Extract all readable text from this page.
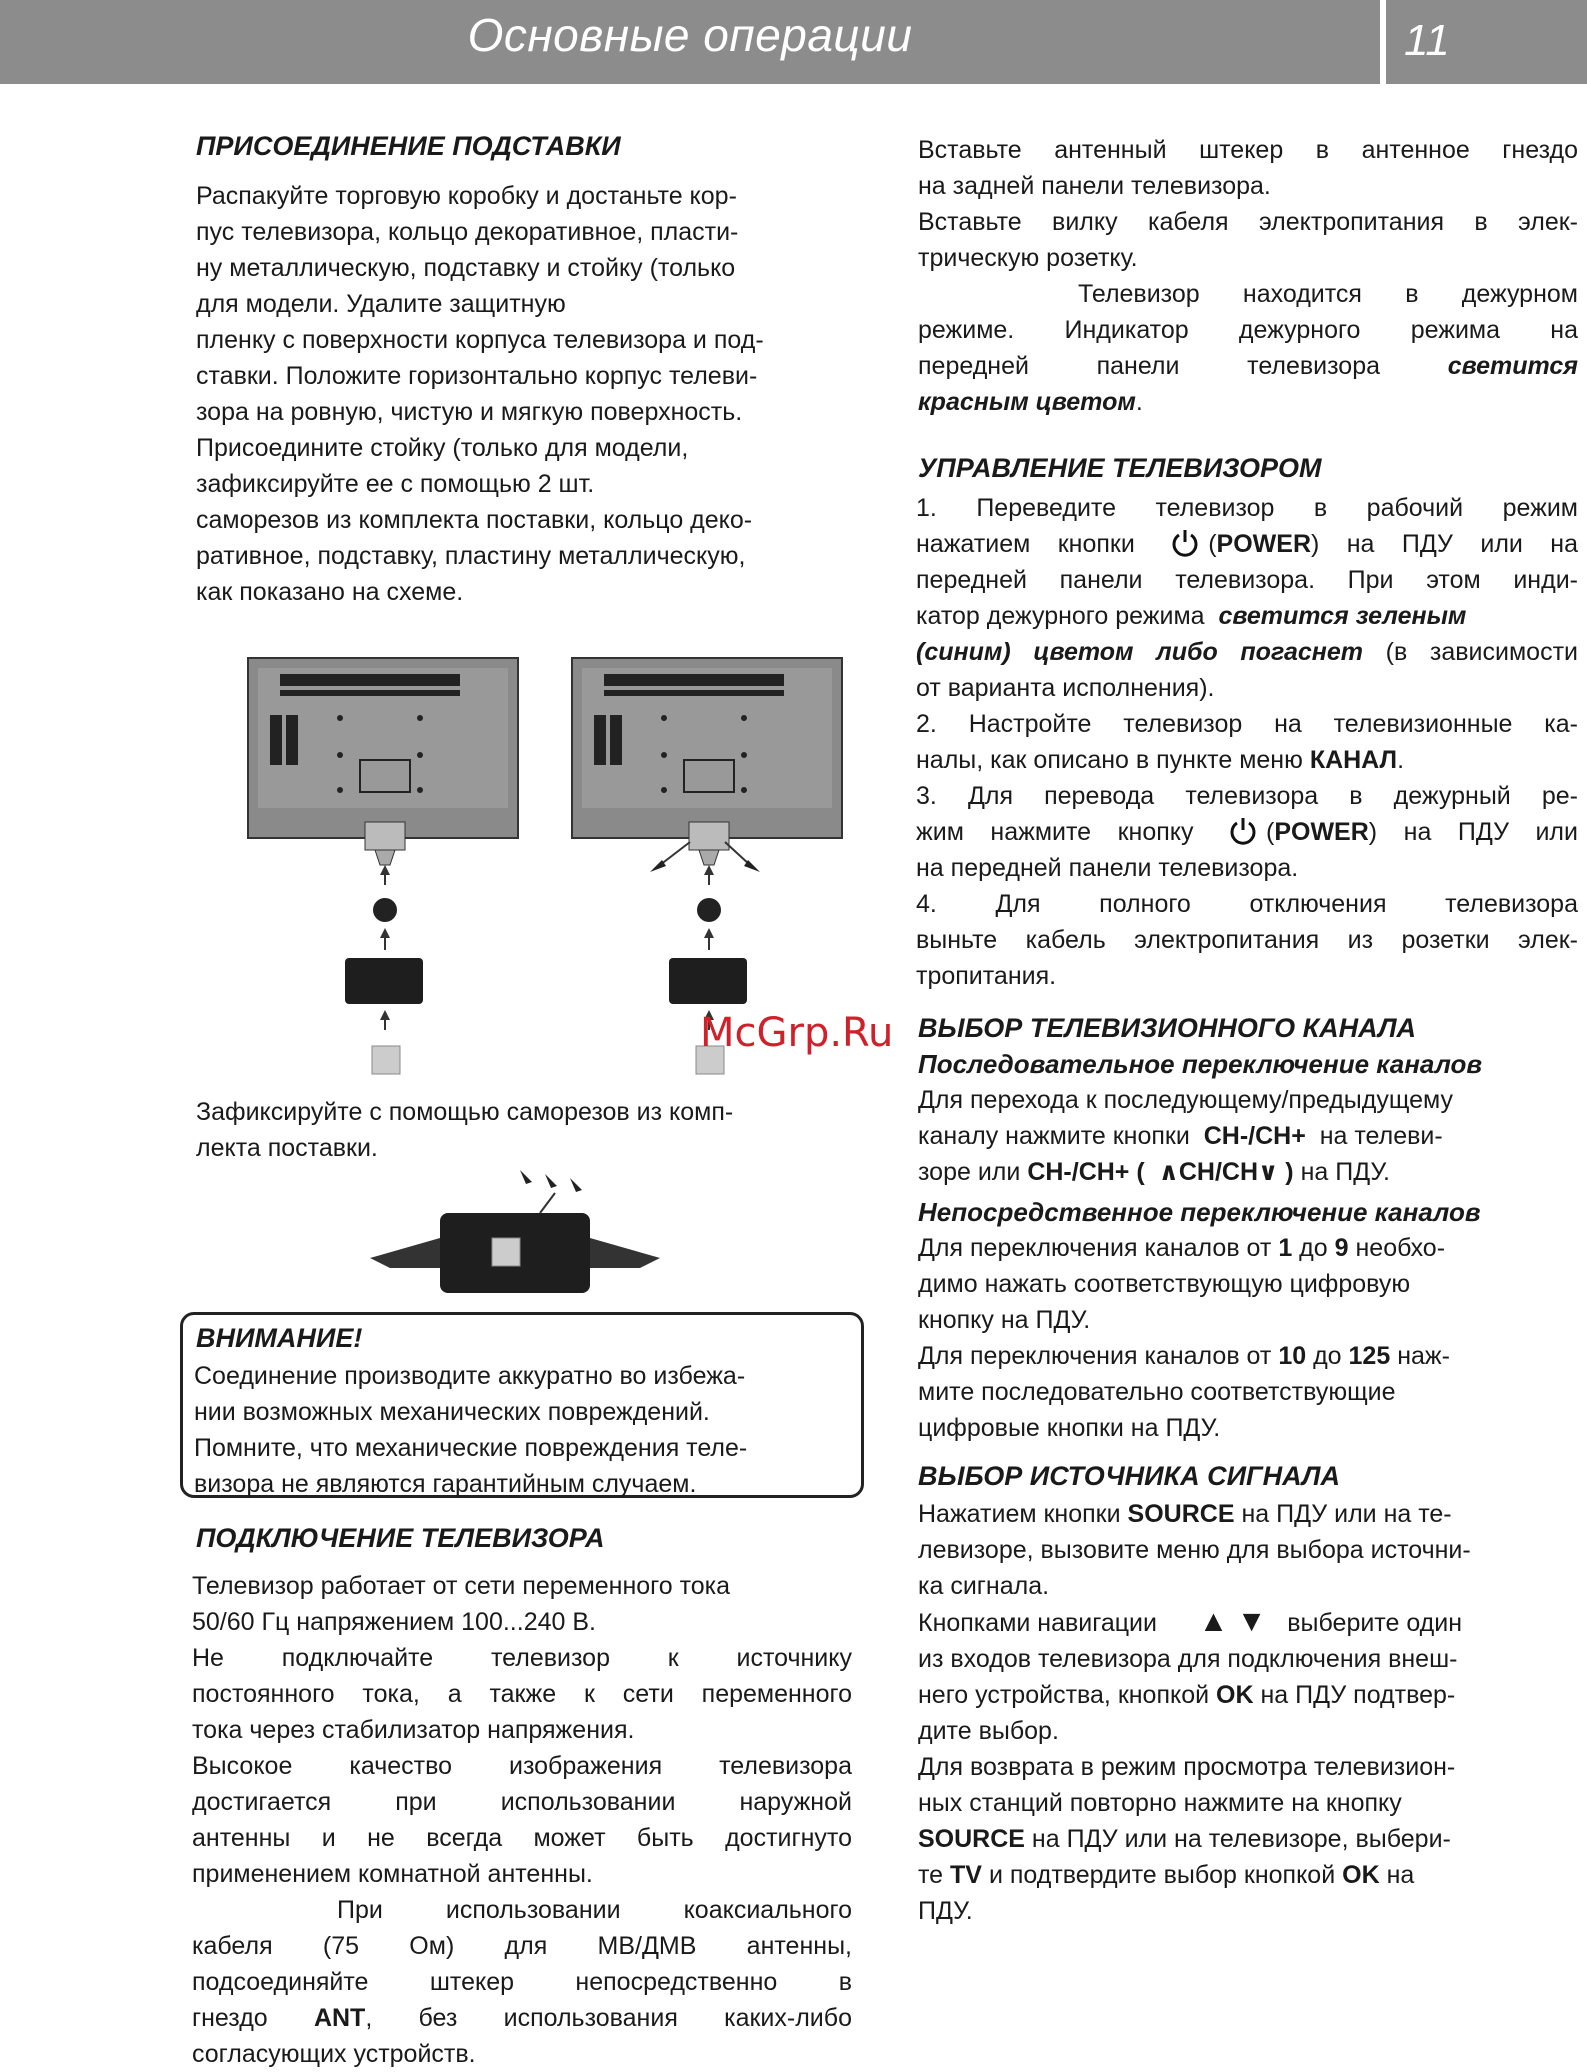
Основные операции	11
ПРИСОЕДИНЕНИЕ ПОДСТАВКИ

Распакуйте торговую коробку и достаньте кор-

пус телевизора, кольцо декоративное, пласти-

ну металлическую, подставку и стойку (только

для модели. Удалите защитную

пленку с поверхности корпуса телевизора и под-

ставки. Положите горизонтально корпус телеви-

зора на ровную, чистую и мягкую поверхность.

Присоедините стойку (только для модели,

зафиксируйте ее с помощью 2 шт.

саморезов из комплекта поставки, кольцо деко-

ративное, подставку, пластину металлическую,

как показано на схеме.

McGrp.Ru

Зафиксируйте с помощью саморезов из комп-

лекта поставки.

ВНИМАНИЕ!

Соединение производите аккуратно во избежа-

нии возможных механических повреждений.

Помните, что механические повреждения теле-

визора не являются гарантийным случаем.

ПОДКЛЮЧЕНИЕ ТЕЛЕВИЗОРА

Телевизор работает от сети переменного тока

50/60 Гц напряжением 100...240 В.

Не подключайте телевизор к источнику

постоянного тока, а также к сети переменного

тока через стабилизатор напряжения.

Высокое качество изображения телевизора

достигается при использовании наружной

антенны и не всегда может быть достигнуто

применением комнатной антенны.

При использовании коаксиального

кабеля (75 Ом) для МВ/ДМВ антенны,

подсоединяйте штекер непосредственно в

гнездо ANT, без использования каких-либо

согласующих устройств.

Вставьте антенный штекер в антенное гнездо

на задней панели телевизора.

Вставьте вилку кабеля электропитания в элек-

трическую розетку.

Телевизор находится в дежурном

режиме. Индикатор дежурного режима на

передней панели телевизора	светится

красным цветом.

УПРАВЛЕНИЕ ТЕЛЕВИЗОРОМ

1. Переведите телевизор в рабочий режим

нажатием кнопки	(POWER) на ПДУ или на

передней панели телевизора. При этом инди-

катор дежурного режима светится зеленым

(синим) цветом либо погаснет (в зависимости

от варианта исполнения).

2. Настройте телевизор на телевизионные ка-

налы, как описано в пункте меню КАНАЛ.

3. Для перевода телевизора в дежурный ре-

жим нажмите кнопку	(POWER) на ПДУ или

на передней панели телевизора.

4. Для полного отключения телевизора

выньте кабель электропитания из розетки элек-

тропитания.

ВЫБОР ТЕЛЕВИЗИОННОГО КАНАЛА

Последовательное переключение каналов

Для перехода к последующему/предыдущему

каналу нажмите кнопки CH-/CH+ на телеви-

зоре или CH-/CH+ ( ∧CH/CH∨ ) на ПДУ.

Непосредственное переключение каналов

Для переключения каналов от 1 до 9 необхо-

димо нажать соответствующую цифровую

кнопку на ПДУ.

Для переключения каналов от 10 до 125 наж-

мите последовательно соответствующие

цифровые кнопки на ПДУ.

ВЫБОР ИСТОЧНИКА СИГНАЛА

Нажатием кнопки SOURCE на ПДУ или на те-

левизоре, вызовите меню для выбора источни-

ка сигнала.

Кнопками навигации ▲ ▼ выберите один

из входов телевизора для подключения внеш-

него устройства, кнопкой OK на ПДУ подтвер-

дите выбор.

Для возврата в режим просмотра телевизион-

ных станций повторно нажмите на кнопку

SOURCE на ПДУ или на телевизоре, выбери-

те TV и подтвердите выбор кнопкой OK на

ПДУ.
